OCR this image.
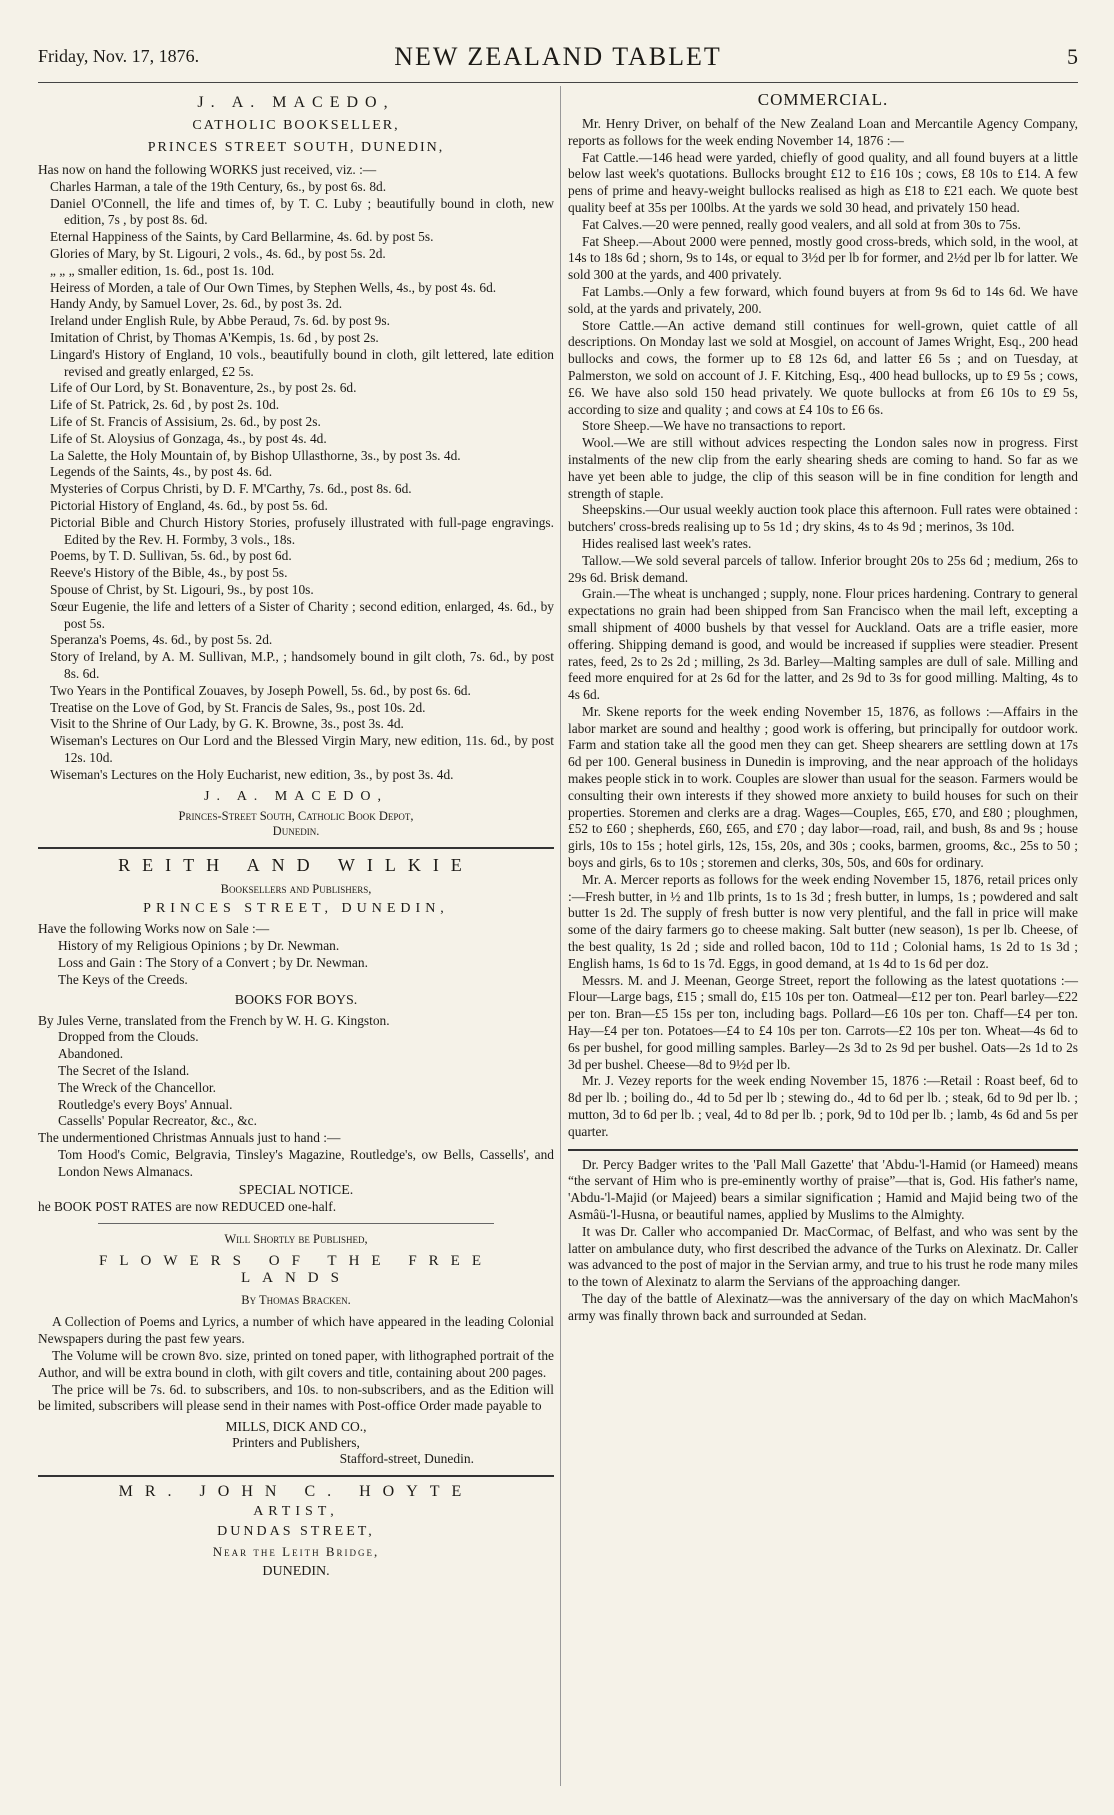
Friday, Nov. 17, 1876.	NEW ZEALAND TABLET	5
J. A. MACEDO,
CATHOLIC BOOKSELLER,
PRINCES STREET SOUTH, DUNEDIN,
Has now on hand the following WORKS just received, viz. :—
Charles Harman, a tale of the 19th Century, 6s., by post 6s. 8d.
Daniel O'Connell, the life and times of, by T. C. Luby ; beautifully bound in cloth, new edition, 7s , by post 8s. 6d.
Eternal Happiness of the Saints, by Card Bellarmine, 4s. 6d. by post 5s.
Glories of Mary, by St. Ligouri, 2 vols., 4s. 6d., by post 5s. 2d.
„ „ „ smaller edition, 1s. 6d., post 1s. 10d.
Heiress of Morden, a tale of Our Own Times, by Stephen Wells, 4s., by post 4s. 6d.
Handy Andy, by Samuel Lover, 2s. 6d., by post 3s. 2d.
Ireland under English Rule, by Abbe Peraud, 7s. 6d. by post 9s.
Imitation of Christ, by Thomas A'Kempis, 1s. 6d , by post 2s.
Lingard's History of England, 10 vols., beautifully bound in cloth, gilt lettered, late edition revised and greatly enlarged, £2 5s.
Life of Our Lord, by St. Bonaventure, 2s., by post 2s. 6d.
Life of St. Patrick, 2s. 6d , by post 2s. 10d.
Life of St. Francis of Assisium, 2s. 6d., by post 2s.
Life of St. Aloysius of Gonzaga, 4s., by post 4s. 4d.
La Salette, the Holy Mountain of, by Bishop Ullasthorne, 3s., by post 3s. 4d.
Legends of the Saints, 4s., by post 4s. 6d.
Mysteries of Corpus Christi, by D. F. M'Carthy, 7s. 6d., post 8s. 6d.
Pictorial History of England, 4s. 6d., by post 5s. 6d.
Pictorial Bible and Church History Stories, profusely illustrated with full-page engravings. Edited by the Rev. H. Formby, 3 vols., 18s.
Poems, by T. D. Sullivan, 5s. 6d., by post 6d.
Reeve's History of the Bible, 4s., by post 5s.
Spouse of Christ, by St. Ligouri, 9s., by post 10s.
Sœur Eugenie, the life and letters of a Sister of Charity ; second edition, enlarged, 4s. 6d., by post 5s.
Speranza's Poems, 4s. 6d., by post 5s. 2d.
Story of Ireland, by A. M. Sullivan, M.P., ; handsomely bound in gilt cloth, 7s. 6d., by post 8s. 6d.
Two Years in the Pontifical Zouaves, by Joseph Powell, 5s. 6d., by post 6s. 6d.
Treatise on the Love of God, by St. Francis de Sales, 9s., post 10s. 2d.
Visit to the Shrine of Our Lady, by G. K. Browne, 3s., post 3s. 4d.
Wiseman's Lectures on Our Lord and the Blessed Virgin Mary, new edition, 11s. 6d., by post 12s. 10d.
Wiseman's Lectures on the Holy Eucharist, new edition, 3s., by post 3s. 4d.
J. A. MACEDO,
Princes-Street South, Catholic Book Depot,
Dunedin.
REITH AND WILKIE
Booksellers and Publishers,
PRINCES STREET, DUNEDIN,
Have the following Works now on Sale :—
History of my Religious Opinions ; by Dr. Newman.
Loss and Gain : The Story of a Convert ; by Dr. Newman.
The Keys of the Creeds.
BOOKS FOR BOYS.
By Jules Verne, translated from the French by W. H. G. Kingston.
Dropped from the Clouds.
Abandoned.
The Secret of the Island.
The Wreck of the Chancellor.
Routledge's every Boys' Annual.
Cassells' Popular Recreator, &c., &c.
The undermentioned Christmas Annuals just to hand :—
Tom Hood's Comic, Belgravia, Tinsley's Magazine, Routledge's, ow Bells, Cassells', and London News Almanacs.
SPECIAL NOTICE.
he BOOK POST RATES are now REDUCED one-half.
Will Shortly be Published,
FLOWERS OF THE FREE LANDS
By Thomas Bracken.
A Collection of Poems and Lyrics, a number of which have appeared in the leading Colonial Newspapers during the past few years.
The Volume will be crown 8vo. size, printed on toned paper, with lithographed portrait of the Author, and will be extra bound in cloth, with gilt covers and title, containing about 200 pages.
The price will be 7s. 6d. to subscribers, and 10s. to non-subscribers, and as the Edition will be limited, subscribers will please send in their names with Post-office Order made payable to
MILLS, DICK AND CO.,
Printers and Publishers,
Stafford-street, Dunedin.
MR. JOHN C. HOYTE
ARTIST,
DUNDAS STREET,
Near the Leith Bridge,
DUNEDIN.
COMMERCIAL.
Mr. Henry Driver, on behalf of the New Zealand Loan and Mercantile Agency Company, reports as follows for the week ending November 14, 1876 :—
Fat Cattle.—146 head were yarded, chiefly of good quality, and all found buyers at a little below last week's quotations. Bullocks brought £12 to £16 10s ; cows, £8 10s to £14. A few pens of prime and heavy-weight bullocks realised as high as £18 to £21 each. We quote best quality beef at 35s per 100lbs. At the yards we sold 30 head, and privately 150 head.
Fat Calves.—20 were penned, really good vealers, and all sold at from 30s to 75s.
Fat Sheep.—About 2000 were penned, mostly good cross-breds, which sold, in the wool, at 14s to 18s 6d ; shorn, 9s to 14s, or equal to 3½d per lb for former, and 2½d per lb for latter. We sold 300 at the yards, and 400 privately.
Fat Lambs.—Only a few forward, which found buyers at from 9s 6d to 14s 6d. We have sold, at the yards and privately, 200.
Store Cattle.—An active demand still continues for well-grown, quiet cattle of all descriptions. On Monday last we sold at Mosgiel, on account of James Wright, Esq., 200 head bullocks and cows, the former up to £8 12s 6d, and latter £6 5s ; and on Tuesday, at Palmerston, we sold on account of J. F. Kitching, Esq., 400 head bullocks, up to £9 5s ; cows, £6. We have also sold 150 head privately. We quote bullocks at from £6 10s to £9 5s, according to size and quality ; and cows at £4 10s to £6 6s.
Store Sheep.—We have no transactions to report.
Wool.—We are still without advices respecting the London sales now in progress. First instalments of the new clip from the early shearing sheds are coming to hand. So far as we have yet been able to judge, the clip of this season will be in fine condition for length and strength of staple.
Sheepskins.—Our usual weekly auction took place this afternoon. Full rates were obtained : butchers' cross-breds realising up to 5s 1d ; dry skins, 4s to 4s 9d ; merinos, 3s 10d.
Hides realised last week's rates.
Tallow.—We sold several parcels of tallow. Inferior brought 20s to 25s 6d ; medium, 26s to 29s 6d. Brisk demand.
Grain.—The wheat is unchanged ; supply, none. Flour prices hardening. Contrary to general expectations no grain had been shipped from San Francisco when the mail left, excepting a small shipment of 4000 bushels by that vessel for Auckland. Oats are a trifle easier, more offering. Shipping demand is good, and would be increased if supplies were steadier. Present rates, feed, 2s to 2s 2d ; milling, 2s 3d. Barley—Malting samples are dull of sale. Milling and feed more enquired for at 2s 6d for the latter, and 2s 9d to 3s for good milling. Malting, 4s to 4s 6d.
Mr. Skene reports for the week ending November 15, 1876, as follows :—Affairs in the labor market are sound and healthy ; good work is offering, but principally for outdoor work. Farm and station take all the good men they can get. Sheep shearers are settling down at 17s 6d per 100. General business in Dunedin is improving, and the near approach of the holidays makes people stick in to work. Couples are slower than usual for the season. Farmers would be consulting their own interests if they showed more anxiety to build houses for such on their properties. Storemen and clerks are a drag. Wages—Couples, £65, £70, and £80 ; ploughmen, £52 to £60 ; shepherds, £60, £65, and £70 ; day labor—road, rail, and bush, 8s and 9s ; house girls, 10s to 15s ; hotel girls, 12s, 15s, 20s, and 30s ; cooks, barmen, grooms, &c., 25s to 50 ; boys and girls, 6s to 10s ; storemen and clerks, 30s, 50s, and 60s for ordinary.
Mr. A. Mercer reports as follows for the week ending November 15, 1876, retail prices only :—Fresh butter, in ½ and 1lb prints, 1s to 1s 3d ; fresh butter, in lumps, 1s ; powdered and salt butter 1s 2d. The supply of fresh butter is now very plentiful, and the fall in price will make some of the dairy farmers go to cheese making. Salt butter (new season), 1s per lb. Cheese, of the best quality, 1s 2d ; side and rolled bacon, 10d to 11d ; Colonial hams, 1s 2d to 1s 3d ; English hams, 1s 6d to 1s 7d. Eggs, in good demand, at 1s 4d to 1s 6d per doz.
Messrs. M. and J. Meenan, George Street, report the following as the latest quotations :—Flour—Large bags, £15 ; small do, £15 10s per ton. Oatmeal—£12 per ton. Pearl barley—£22 per ton. Bran—£5 15s per ton, including bags. Pollard—£6 10s per ton. Chaff—£4 per ton. Hay—£4 per ton. Potatoes—£4 to £4 10s per ton. Carrots—£2 10s per ton. Wheat—4s 6d to 6s per bushel, for good milling samples. Barley—2s 3d to 2s 9d per bushel. Oats—2s 1d to 2s 3d per bushel. Cheese—8d to 9½d per lb.
Mr. J. Vezey reports for the week ending November 15, 1876 :—Retail : Roast beef, 6d to 8d per lb. ; boiling do., 4d to 5d per lb ; stewing do., 4d to 6d per lb. ; steak, 6d to 9d per lb. ; mutton, 3d to 6d per lb. ; veal, 4d to 8d per lb. ; pork, 9d to 10d per lb. ; lamb, 4s 6d and 5s per quarter.
Dr. Percy Badger writes to the 'Pall Mall Gazette' that 'Abdu-'l-Hamid (or Hameed) means “the servant of Him who is pre-eminently worthy of praise”—that is, God. His father's name, 'Abdu-'l-Majid (or Majeed) bears a similar signification ; Hamid and Majid being two of the Asmâü-'l-Husna, or beautiful names, applied by Muslims to the Almighty.
It was Dr. Caller who accompanied Dr. MacCormac, of Belfast, and who was sent by the latter on ambulance duty, who first described the advance of the Turks on Alexinatz. Dr. Caller was advanced to the post of major in the Servian army, and true to his trust he rode many miles to the town of Alexinatz to alarm the Servians of the approaching danger.
The day of the battle of Alexinatz—was the anniversary of the day on which MacMahon's army was finally thrown back and surrounded at Sedan.
